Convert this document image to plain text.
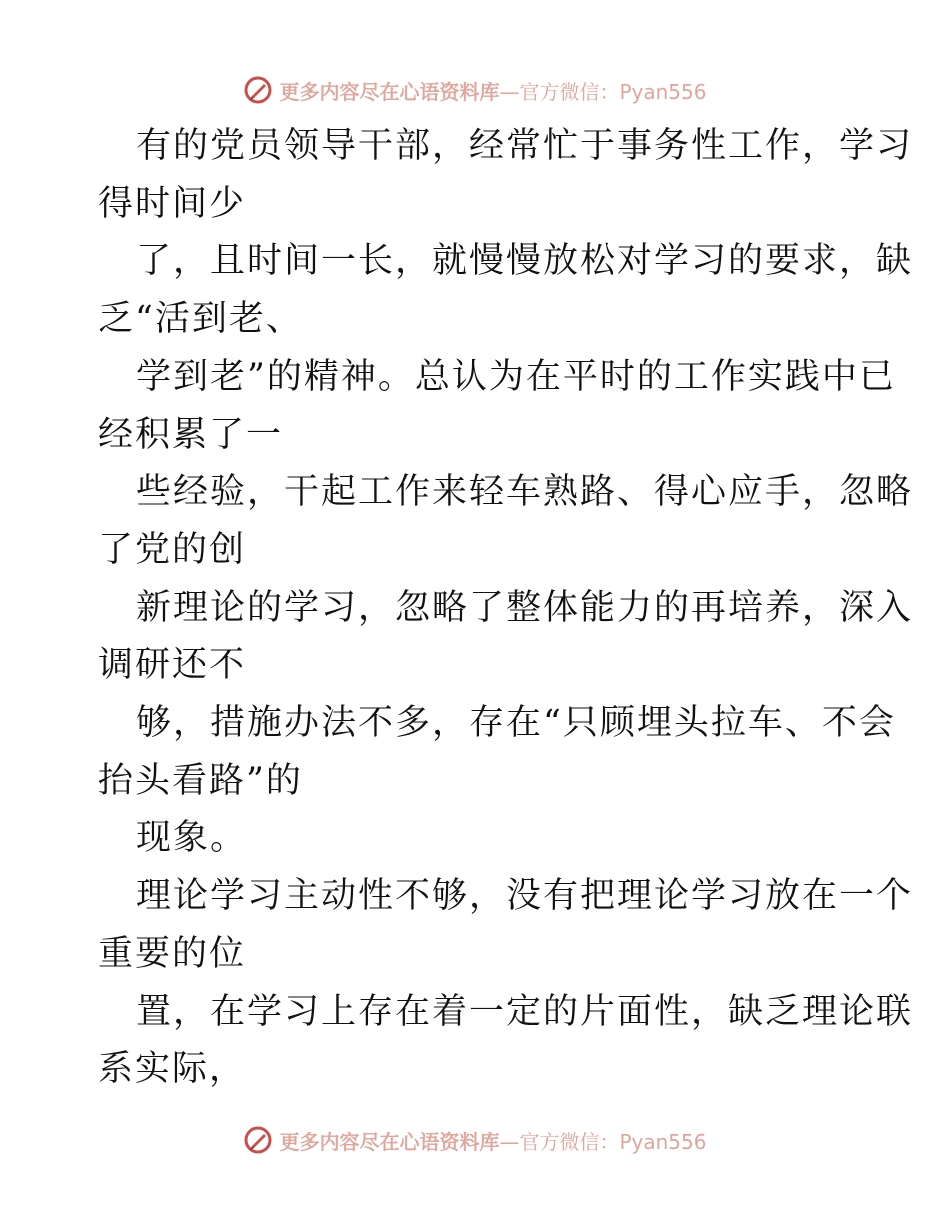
更多内容尽在心语资料库 —官方微信：Pyan556
有的党员领导干部，经常忙于事务性工作，学习
得时间少
了，且时间一长，就慢慢放松对学习的要求，缺
乏“活到老、
学到老”的精神。总认为在平时的工作实践中已
经积累了一
些经验，干起工作来轻车熟路、得心应手，忽略
了党的创
新理论的学习，忽略了整体能力的再培养，深入
调研还不
够，措施办法不多，存在“只顾埋头拉车、不会
抬头看路”的
现象。
理论学习主动性不够，没有把理论学习放在一个
重要的位
置，在学习上存在着一定的片面性，缺乏理论联
系实际，
更多内容尽在心语资料库 —官方微信：Pyan556
